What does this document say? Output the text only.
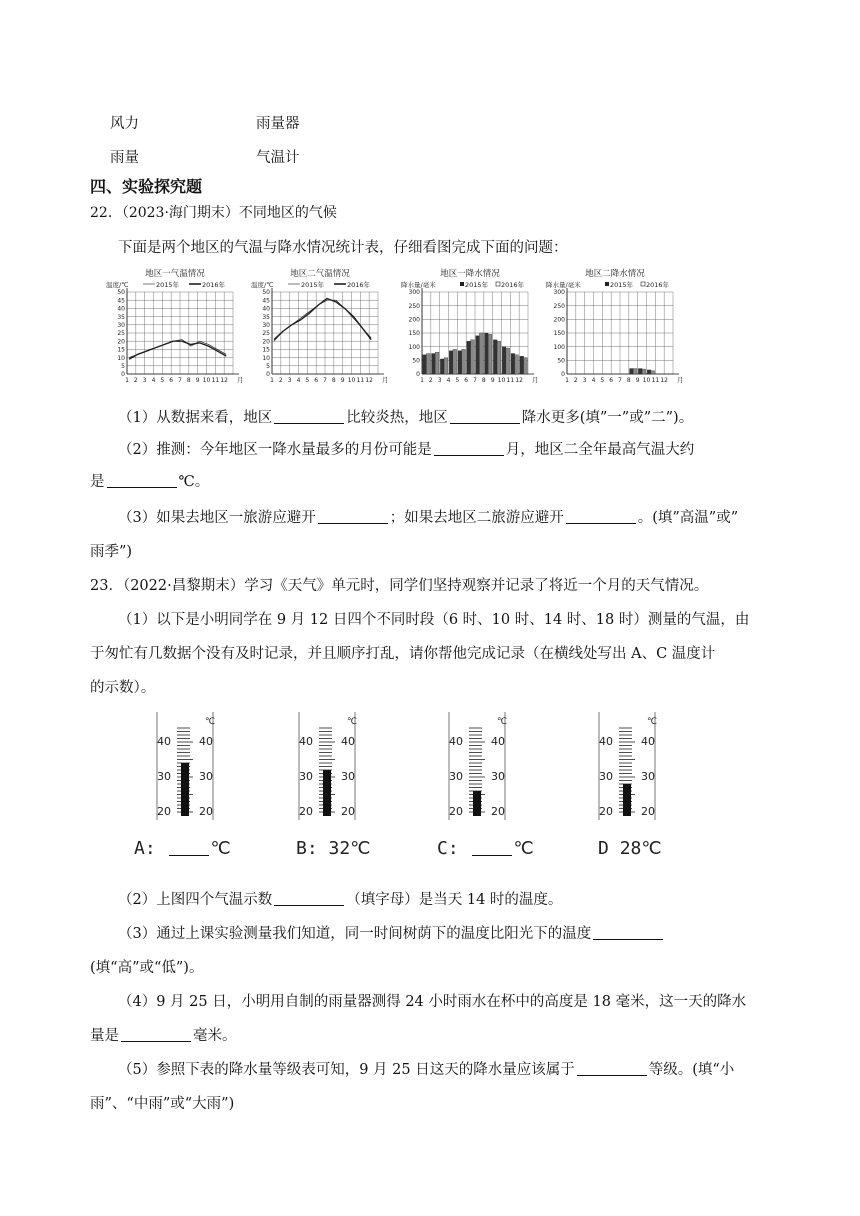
风力	雨量器
雨量	气温计
四、实验探究题
22．（2023·海门期末）不同地区的气候
下面是两个地区的气温与降水情况统计表，仔细看图完成下面的问题：
地区一气温情况
温度/℃	2015年	2016年
0
5
10
15
20
25
30
35
40
45
50
1 2 3 4 5 6 7 8 9 10 11 12 月
地区二气温情况
温度/℃	2015年	2016年
0
5
10
15
20
25
30
35
40
45
50
1 2 3 4 5 6 7 8 9 10 11 12 月
地区一降水情况
降水量/毫米	2015年 2016年
0
50
100
150
200
250
300
1 2 3 4 5 6 7 8 9 10 11 12 月
地区二降水情况
降水量/毫米	2015年 2016年
0
50
100
150
200
250
300
1 2 3 4 5 6 7 8 9 10 11 12 月
（1）从数据来看，地区	比较炎热，地区	降水更多(填”一”或”二”)。
（2）推测：今年地区一降水量最多的月份可能是	月，地区二全年最高气温大约
是	℃。
（3）如果去地区一旅游应避开	；如果去地区二旅游应避开	。(填”高温”或”
雨季”)
23．（2022·昌黎期末）学习《天气》单元时，同学们坚持观察并记录了将近一个月的天气情况。
（1）以下是小明同学在 9 月 12 日四个不同时段（6 时、10 时、14 时、18 时）测量的气温，由
于匆忙有几数据个没有及时记录，并且顺序打乱，请你帮他完成记录（在横线处写出 A、C 温度计
的示数）。
℃
20	20
30	30
40	40
℃
20	20
30	30
40	40
℃
20	20
30	30
40	40
℃
20	20
30	30
40	40
A:	℃	B: 32℃	C:	℃	D 28℃
（2）上图四个气温示数	（填字母）是当天 14 时的温度。
（3）通过上课实验测量我们知道，同一时间树荫下的温度比阳光下的温度
(填“高”或“低”)。
（4）9 月 25 日，小明用自制的雨量器测得 24 小时雨水在杯中的高度是 18 毫米，这一天的降水
量是	毫米。
（5）参照下表的降水量等级表可知，9 月 25 日这天的降水量应该属于	等级。(填“小
雨”、“中雨”或“大雨”)
